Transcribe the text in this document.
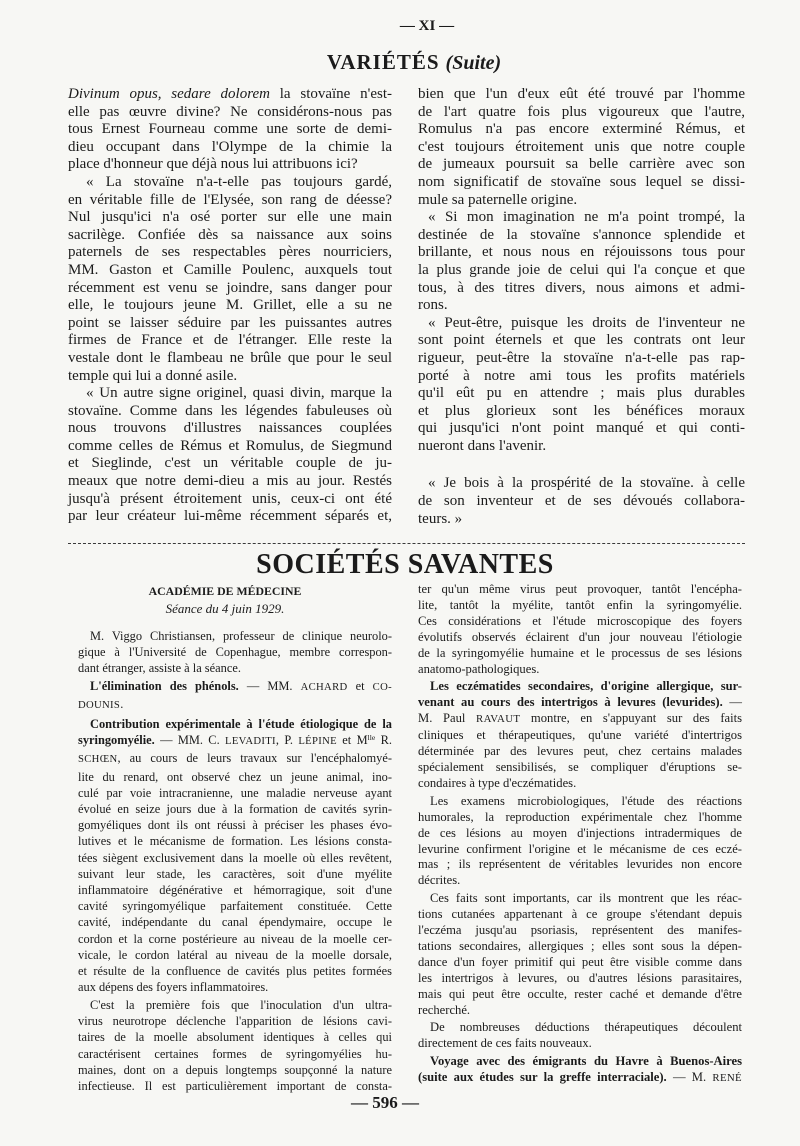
— XI —
VARIÉTÉS (Suite)
Divinum opus, sedare dolorem la stovaïne n'est-
elle pas œuvre divine? Ne considérons-nous pas
tous Ernest Fourneau comme une sorte de demi-
dieu occupant dans l'Olympe de la chimie la
place d'honneur que déjà nous lui attribuons ici?
« La stovaïne n'a-t-elle pas toujours gardé,
en véritable fille de l'Elysée, son rang de déesse?
Nul jusqu'ici n'a osé porter sur elle une main
sacrilège. Confiée dès sa naissance aux soins
paternels de ses respectables pères nourriciers,
MM. Gaston et Camille Poulenc, auxquels tout
récemment est venu se joindre, sans danger pour
elle, le toujours jeune M. Grillet, elle a su ne
point se laisser séduire par les puissantes autres
firmes de France et de l'étranger. Elle reste la
vestale dont le flambeau ne brûle que pour le seul
temple qui lui a donné asile.
« Un autre signe originel, quasi divin, marque la
stovaïne. Comme dans les légendes fabuleuses où
nous trouvons d'illustres naissances couplées
comme celles de Rémus et Romulus, de Siegmund
et Sieglinde, c'est un véritable couple de ju-
meaux que notre demi-dieu a mis au jour. Restés
jusqu'à présent étroitement unis, ceux-ci ont été
par leur créateur lui-même récemment séparés et,
bien que l'un d'eux eût été trouvé par l'homme
de l'art quatre fois plus vigoureux que l'autre,
Romulus n'a pas encore exterminé Rémus, et
c'est toujours étroitement unis que notre couple
de jumeaux poursuit sa belle carrière avec son
nom significatif de stovaïne sous lequel se dissi-
mule sa paternelle origine.
« Si mon imagination ne m'a point trompé, la
destinée de la stovaïne s'annonce splendide et
brillante, et nous nous en réjouissons tous pour
la plus grande joie de celui qui l'a conçue et que
tous, à des titres divers, nous aimons et admi-
rons.
« Peut-être, puisque les droits de l'inventeur ne
sont point éternels et que les contrats ont leur
rigueur, peut-être la stovaïne n'a-t-elle pas rap-
porté à notre ami tous les profits matériels
qu'il eût pu en attendre ; mais plus durables
et plus glorieux sont les bénéfices moraux
qui jusqu'ici n'ont point manqué et qui conti-
nueront dans l'avenir.
« Je bois à la prospérité de la stovaïne. à celle
de son inventeur et de ses dévoués collabora-
teurs. »
SOCIÉTÉS SAVANTES
ACADÉMIE DE MÉDECINE
Séance du 4 juin 1929.
M. Viggo Christiansen, professeur de clinique neurolo-
gique à l'Université de Copenhague, membre correspon-
dant étranger, assiste à la séance.
L'élimination des phénols. — MM. ACHARD et CO-
DOUNIS.
Contribution expérimentale à l'étude étiologique de la
syringomyélie. — MM. C. LEVADITI, P. LÉPINE et $M^{lle}$ R.
SCHŒN, au cours de leurs travaux sur l'encéphalomyé-
lite du renard, ont observé chez un jeune animal, ino-
culé par voie intracranienne, une maladie nerveuse ayant
évolué en seize jours due à la formation de cavités syrin-
gomyéliques dont ils ont réussi à préciser les phases évo-
lutives et le mécanisme de formation. Les lésions consta-
tées siègent exclusivement dans la moelle où elles revêtent,
suivant leur stade, les caractères, soit d'une myélite
inflammatoire dégénérative et hémorragique, soit d'une
cavité syringomyélique parfaitement constituée. Cette
cavité, indépendante du canal épendymaire, occupe le
cordon et la corne postérieure au niveau de la moelle cer-
vicale, le cordon latéral au niveau de la moelle dorsale,
et résulte de la confluence de cavités plus petites formées
aux dépens des foyers inflammatoires.
C'est la première fois que l'inoculation d'un ultra-
virus neurotrope déclenche l'apparition de lésions cavi-
taires de la moelle absolument identiques à celles qui
caractérisent certaines formes de syringomyélies hu-
maines, dont on a depuis longtemps soupçonné la nature
infectieuse. Il est particulièrement important de consta-
ter qu'un même virus peut provoquer, tantôt l'encépha-
lite, tantôt la myélite, tantôt enfin la syringomyélie.
Ces considérations et l'étude microscopique des foyers
évolutifs observés éclairent d'un jour nouveau l'étiologie
de la syringomyélie humaine et le processus de ses lésions
anatomo-pathologiques.
Les eczématides secondaires, d'origine allergique, sur-
venant au cours des intertrigos à levures (levurides). —
M. Paul RAVAUT montre, en s'appuyant sur des faits
cliniques et thérapeutiques, qu'une variété d'intertrigos
déterminée par des levures peut, chez certains malades
spécialement sensibilisés, se compliquer d'éruptions se-
condaires à type d'eczématides.
Les examens microbiologiques, l'étude des réactions
humorales, la reproduction expérimentale chez l'homme
de ces lésions au moyen d'injections intradermiques de
levurine confirment l'origine et le mécanisme de ces eczé-
mas ; ils représentent de véritables levurides non encore
décrites.
Ces faits sont importants, car ils montrent que les réac-
tions cutanées appartenant à ce groupe s'étendant depuis
l'eczéma jusqu'au psoriasis, représentent des manifes-
tations secondaires, allergiques ; elles sont sous la dépen-
dance d'un foyer primitif qui peut être visible comme dans
les intertrigos à levures, ou d'autres lésions parasitaires,
mais qui peut être occulte, rester caché et demande d'être
recherché.
De nombreuses déductions thérapeutiques découlent
directement de ces faits nouveaux.
Voyage avec des émigrants du Havre à Buenos-Aires
(suite aux études sur la greffe interraciale). — M. RENÉ
— 596 —
